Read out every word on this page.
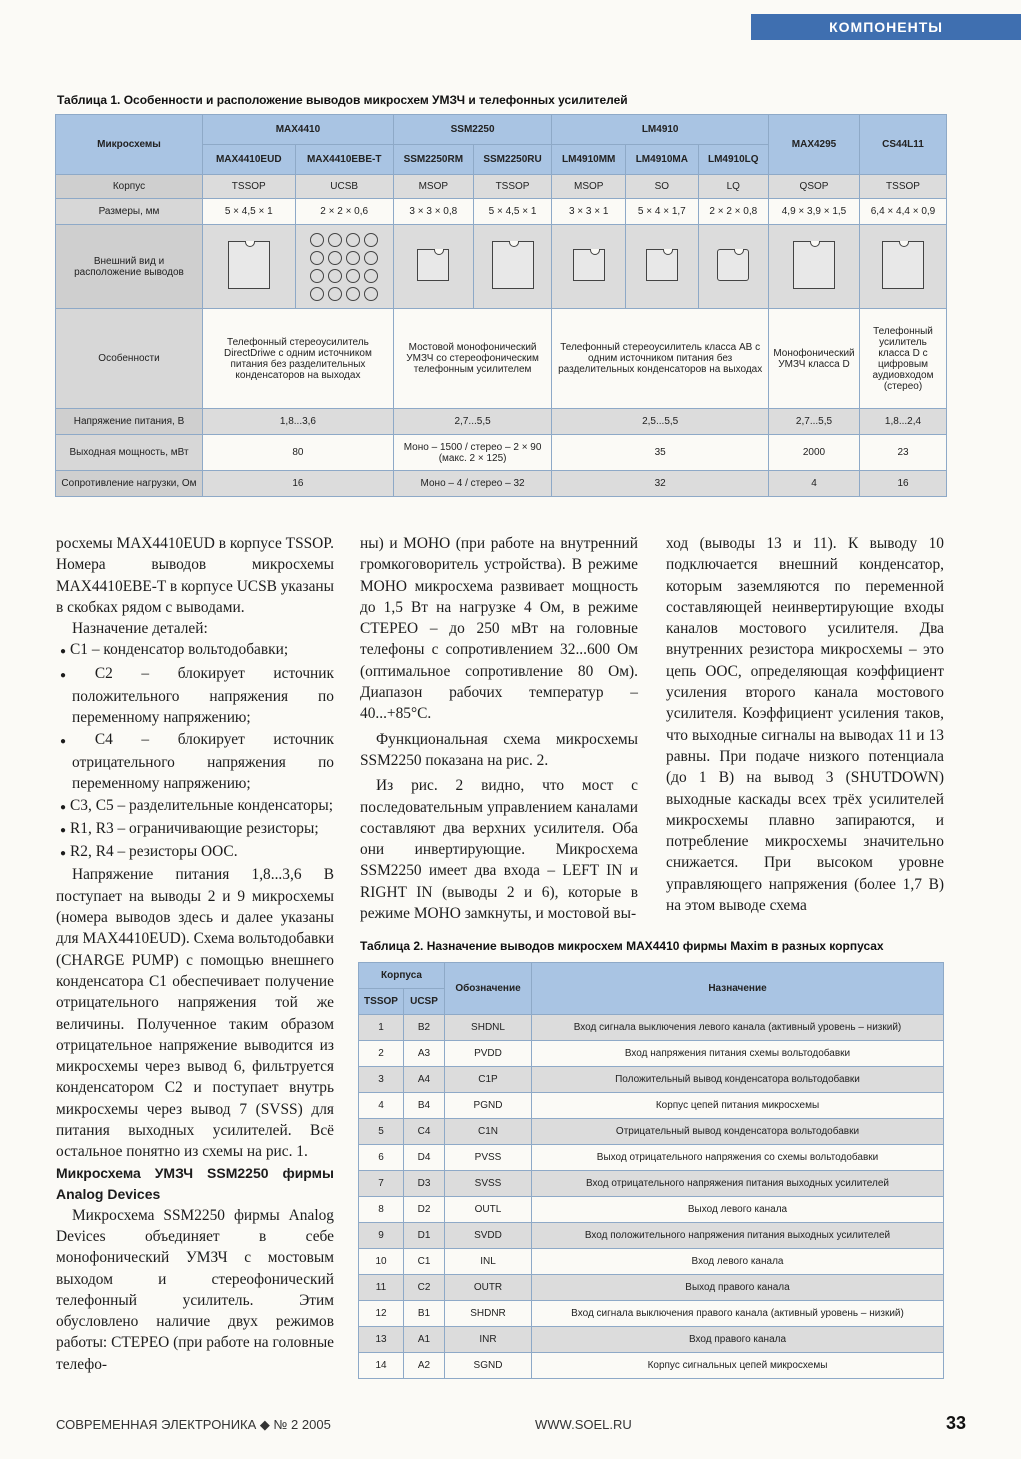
КОМПОНЕНТЫ
Таблица 1. Особенности и расположение выводов микросхем УМЗЧ и телефонных усилителей
Микросхемы	MAX4410		SSM2250		LM4910			MAX4295	CS44L11
	MAX4410EUD	MAX4410EBE-T	SSM2250RM	SSM2250RU	LM4910MM	LM4910MA	LM4910LQ		
Корпус	TSSOP	UCSB	MSOP	TSSOP	MSOP	SO	LQ	QSOP	TSSOP
Размеры, мм	5 × 4,5 × 1	2 × 2 × 0,6	3 × 3 × 0,8	5 × 4,5 × 1	3 × 3 × 1	5 × 4 × 1,7	2 × 2 × 0,8	4,9 × 3,9 × 1,5	6,4 × 4,4 × 0,9
Внешний вид и расположение выводов		

Особенности	Телефонный стереоусилитель DirectDriwe с одним источником питания без разделительных конденсаторов на выходах		Мостовой монофонический УМЗЧ со стереофоническим телефонным усилителем		Телефонный стереоусилитель класса АВ с одним источником питания без разделительных конденсаторов на выходах			Монофонический УМЗЧ класса D	Телефонный усилитель класса D с цифровым аудиовходом (стерео)
Напряжение питания, В	1,8...3,6		2,7...5,5		2,5...5,5			2,7...5,5	1,8...2,4
Выходная мощность, мВт	80		Моно – 1500 / стерео – 2 × 90 (макс. 2 × 125)		35			2000	23
Сопротивление нагрузки, Ом	16		Моно – 4 / стерео – 32		32			4	16

росхемы MAX4410EUD в корпусе TSSOP. Номера выводов микросхемы MAX4410EBE-T в корпусе UCSB указаны в скобках рядом с выводами.

Назначение деталей:

● C1 – конденсатор вольтодобавки;
● C2 – блокирует источник положительного напряжения по переменному напряжению;
● C4 – блокирует источник отрицательного напряжения по переменному напряжению;
● C3, C5 – разделительные конденсаторы;
● R1, R3 – ограничивающие резисторы;
● R2, R4 – резисторы ООС.

Напряжение питания 1,8...3,6 В поступает на выводы 2 и 9 микросхемы (номера выводов здесь и далее указаны для MAX4410EUD). Схема вольтодобавки (CHARGE PUMP) с помощью внешнего конденсатора C1 обеспечивает получение отрицательного напряжения той же величины. Полученное таким образом отрицательное напряжение выводится из микросхемы через вывод 6, фильтруется конденсатором C2 и поступает внутрь микросхемы через вывод 7 (SVSS) для питания выходных усилителей. Всё остальное понятно из схемы на рис. 1.

Микросхема УМЗЧ SSM2250 фирмы Analog Devices

Микросхема SSM2250 фирмы Analog Devices объединяет в себе монофонический УМЗЧ с мостовым выходом и стереофонический телефонный усилитель. Этим обусловлено наличие двух режимов работы: СТЕРЕО (при работе на головные телефо-

ны) и МОНО (при работе на внутренний громкоговоритель устройства). В режиме МОНО микросхема развивает мощность до 1,5 Вт на нагрузке 4 Ом, в режиме СТЕРЕО – до 250 мВт на головные телефоны с сопротивлением 32...600 Ом (оптимальное сопротивление 80 Ом). Диапазон рабочих температур –40...+85°C.

Функциональная схема микросхемы SSM2250 показана на рис. 2.

Из рис. 2 видно, что мост с последовательным управлением каналами составляют два верхних усилителя. Оба они инвертирующие. Микросхема SSM2250 имеет два входа – LEFT IN и RIGHT IN (выводы 2 и 6), которые в режиме МОНО замкнуты, и мостовой вы-

ход (выводы 13 и 11). К выводу 10 подключается внешний конденсатор, которым заземляются по переменной составляющей неинвертирующие входы каналов мостового усилителя. Два внутренних резистора микросхемы – это цепь ООС, определяющая коэффициент усиления второго канала мостового усилителя. Коэффициент усиления таков, что выходные сигналы на выводах 11 и 13 равны. При подаче низкого потенциала (до 1 В) на вывод 3 (SHUTDOWN) выходные каскады всех трёх усилителей микросхемы плавно запираются, и потребление микросхемы значительно снижается. При высоком уровне управляющего напряжения (более 1,7 В) на этом выводе схема

Таблица 2. Назначение выводов микросхем MAX4410 фирмы Maxim в разных корпусах
Корпуса		Обозначение	Назначение
TSSOP	UCSP		
1	B2	SHDNL	Вход сигнала выключения левого канала (активный уровень – низкий)
2	A3	PVDD	Вход напряжения питания схемы вольтодобавки
3	A4	C1P	Положительный вывод конденсатора вольтодобавки
4	B4	PGND	Корпус цепей питания микросхемы
5	C4	C1N	Отрицательный вывод конденсатора вольтодобавки
6	D4	PVSS	Выход отрицательного напряжения со схемы вольтодобавки
7	D3	SVSS	Вход отрицательного напряжения питания выходных усилителей
8	D2	OUTL	Выход левого канала
9	D1	SVDD	Вход положительного напряжения питания выходных усилителей
10	C1	INL	Вход левого канала
11	C2	OUTR	Выход правого канала
12	B1	SHDNR	Вход сигнала выключения правого канала (активный уровень – низкий)
13	A1	INR	Вход правого канала
14	A2	SGND	Корпус сигнальных цепей микросхемы
СОВРЕМЕННАЯ ЭЛЕКТРОНИКА ◆ № 2 2005	WWW.SOEL.RU	33
